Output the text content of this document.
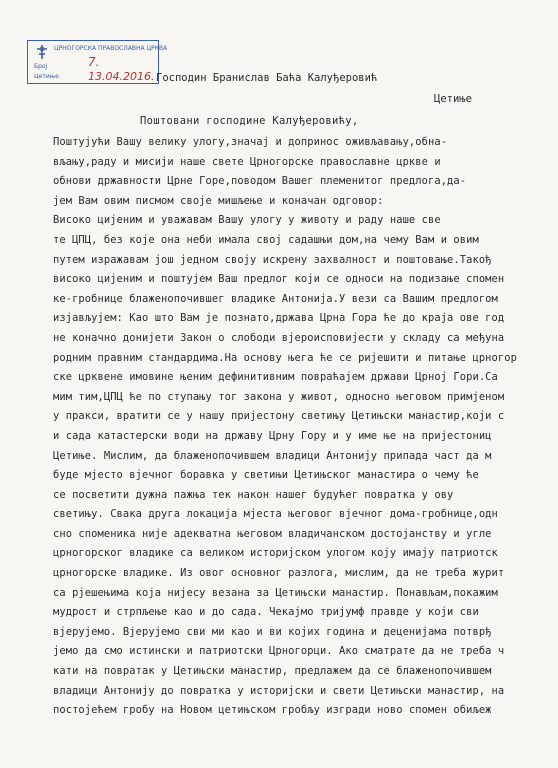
ЦРНОГОРСКА ПРАВОСЛАВНА ЦРКВА
Број
Цетиње
7.
13.04.2016. Господин Бранислав Баћа Калуђеровић
Цетиње
Поштовани господине Калуђеровићу,
Поштујући Вашу велику улогу,значај и допринос оживљавању,обна-
вљању,раду и мисији наше свете Црногорске православне цркве и
обнови државности Црне Горе,поводом Вашег племенитог предлога,да-
јем Вам овим писмом своје мишљење и коначан одговор:
Високо цијеним и уважавам Вашу улогу у животу и раду наше све
те ЦПЦ, без које она неби имала свој садашњи дом,на чему Вам и овим
путем изражавам још једном своју искрену захвалност и поштовање.Такођ
високо цијеним и поштујем Ваш предлог који се односи на подизање спомен
ке-гробнице блаженопочившег владике Антонија.У вези са Вашим предлогом
изјављујем: Као што Вам је познато,држава Црна Гора ће до краја ове год
не коначно донијети Закон о слободи вјероисповијести у складу са међуна
родним правним стандардима.На основу њега ће се ријешити и питање црногор
ске црквене имовине њеним дефинитивним повраћајем држави Црној Гори.Са
мим тим,ЦПЦ ће по ступању тог закона у живот, односно његовом примјеном
у пракси, вратити се у нашу пријестону светињу Цетињски манастир,који с
и сада катастерски води на државу Црну Гору и у име ње на пријестониц
Цетиње. Мислим, да блаженопочившем владици Антонију припада част да м
буде мјесто вјечног боравка у светињи Цетињског манастира о чему ће
се посветити дужна пажња тек након нашег будућег повратка у ову
светињу. Свака друга локација мјеста његовог вјечног дома-гробнице,одн
сно споменика није адекватна његовом владичанском достојанству и угле
црногорског владике са великом историјском улогом коју имају патриотск
црногорске владике. Из овог основног разлога, мислим, да не треба журит
са рјешењима која нијесу везана за Цетињски манастир. Понављам,покажим
мудрост и стрпљење као и до сада. Чекајмо тријумф правде у који сви
вјерујемо. Вјерујемо сви ми као и ви којих година и деценијама потврђ
јемо да смо истински и патриотски Црногорци. Ако сматрате да не треба ч
кати на повратак у Цетињски манастир, предлажем да се блаженопочившем
владици Антонију до повратка у историјски и свети Цетињски манастир, на
постојећем гробу на Новом цетињском гробљу изгради ново спомен обиљеж
